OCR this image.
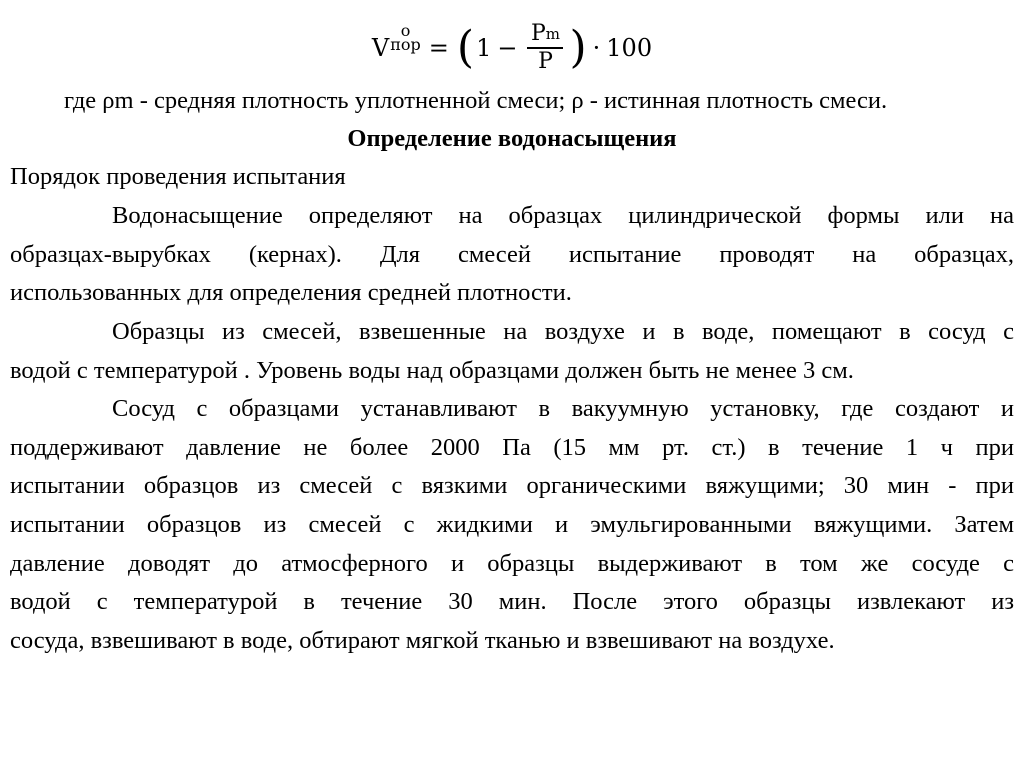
V
о
пор = ( $1 - \frac{\text{P m}}{P}$ ) · 100
где ρm - средняя плотность уплотненной смеси; ρ - истинная плотность смеси.
Определение водонасыщения
Порядок проведения испытания
Водонасыщение определяют на образцах цилиндрической формы или на
образцах-вырубках (кернах). Для смесей испытание проводят на образцах,
использованных для определения средней плотности.
Образцы из смесей, взвешенные на воздухе и в воде, помещают в сосуд с
водой с температурой . Уровень воды над образцами должен быть не менее 3 см.
Сосуд с образцами устанавливают в вакуумную установку, где создают и
поддерживают давление не более 2000 Па (15 мм рт. ст.) в течение 1 ч при
испытании образцов из смесей с вязкими органическими вяжущими; 30 мин - при
испытании образцов из смесей с жидкими и эмульгированными вяжущими. Затем
давление доводят до атмосферного и образцы выдерживают в том же сосуде с
водой с температурой в течение 30 мин. После этого образцы извлекают из
сосуда, взвешивают в воде, обтирают мягкой тканью и взвешивают на воздухе.
